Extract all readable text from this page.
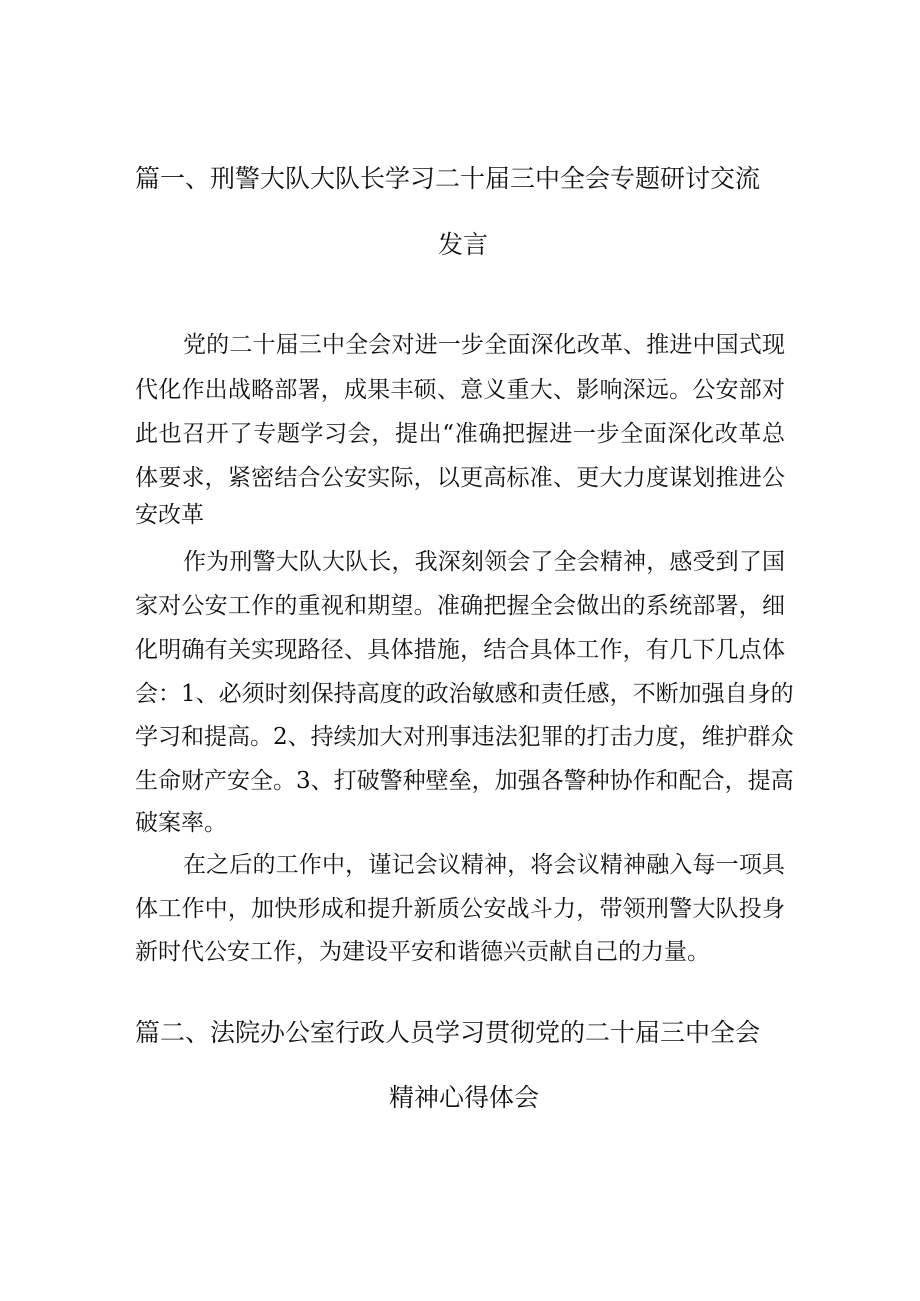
篇一、刑警大队大队长学习二十届三中全会专题研讨交流
发言
党的二十届三中全会对进一步全面深化改革、推进中国式现
代化作出战略部署，成果丰硕、意义重大、影响深远。公安部对
此也召开了专题学习会，提出“准确把握进一步全面深化改革总
体要求，紧密结合公安实际，以更高标准、更大力度谋划推进公
安改革
作为刑警大队大队长，我深刻领会了全会精神，感受到了国
家对公安工作的重视和期望。准确把握全会做出的系统部署，细
化明确有关实现路径、具体措施，结合具体工作，有几下几点体
会：1、必须时刻保持高度的政治敏感和责任感，不断加强自身的
学习和提高。2、持续加大对刑事违法犯罪的打击力度，维护群众
生命财产安全。3、打破警种壁垒，加强各警种协作和配合，提高
破案率。
在之后的工作中，谨记会议精神，将会议精神融入每一项具
体工作中，加快形成和提升新质公安战斗力，带领刑警大队投身
新时代公安工作，为建设平安和谐德兴贡献自己的力量。
篇二、法院办公室行政人员学习贯彻党的二十届三中全会
精神心得体会
